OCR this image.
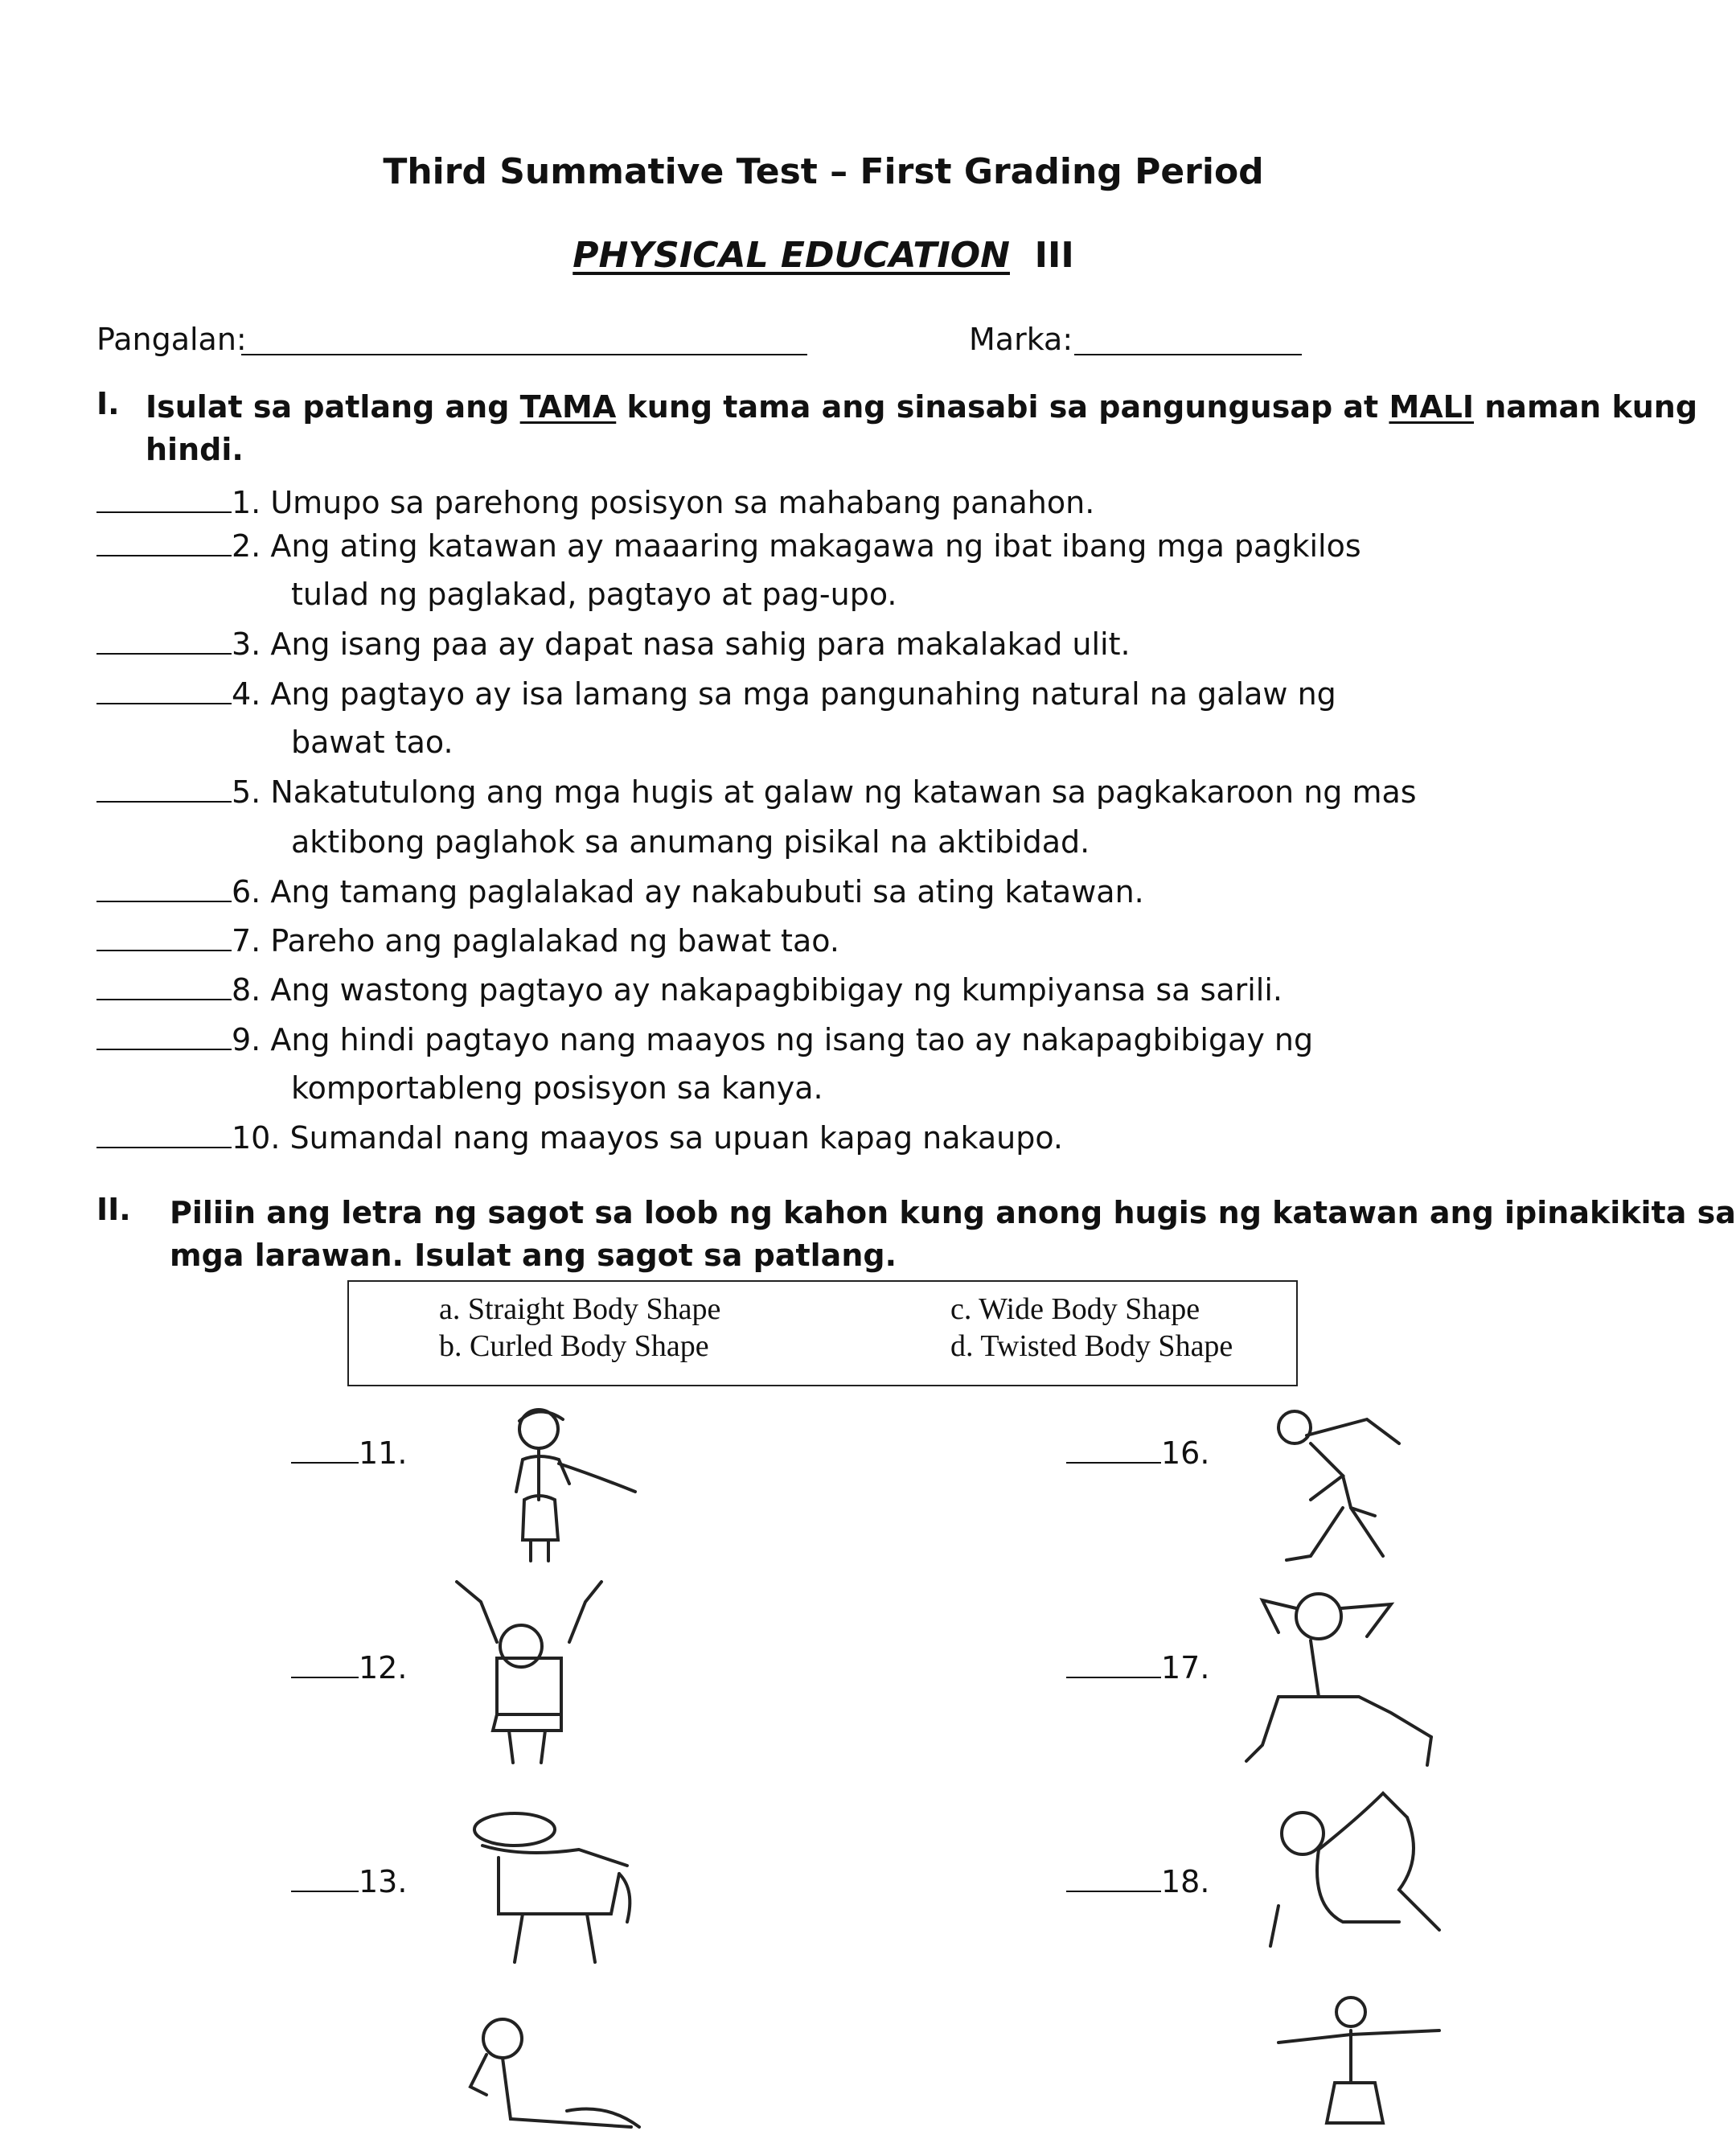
Third Summative Test – First Grading Period
PHYSICAL EDUCATION III
Pangalan:	Marka:
I. Isulat sa patlang ang TAMA kung tama ang sinasabi sa pangungusap at MALI naman kung
hindi.
1. Umupo sa parehong posisyon sa mahabang panahon.
2. Ang ating katawan ay maaaring makagawa ng ibat ibang mga pagkilos
tulad ng paglakad, pagtayo at pag-upo.
3. Ang isang paa ay dapat nasa sahig para makalakad ulit.
4. Ang pagtayo ay isa lamang sa mga pangunahing natural na galaw ng
bawat tao.
5. Nakatutulong ang mga hugis at galaw ng katawan sa pagkakaroon ng mas
aktibong paglahok sa anumang pisikal na aktibidad.
6. Ang tamang paglalakad ay nakabubuti sa ating katawan.
7. Pareho ang paglalakad ng bawat tao.
8. Ang wastong pagtayo ay nakapagbibigay ng kumpiyansa sa sarili.
9. Ang hindi pagtayo nang maayos ng isang tao ay nakapagbibigay ng
komportableng posisyon sa kanya.
10. Sumandal nang maayos sa upuan kapag nakaupo.
II. Piliin ang letra ng sagot sa loob ng kahon kung anong hugis ng katawan ang ipinakikita sa
mga larawan. Isulat ang sagot sa patlang.
a. Straight Body Shape
b. Curled Body Shape
c. Wide Body Shape
d. Twisted Body Shape
11.
12.
13.
16.
17.
18.
